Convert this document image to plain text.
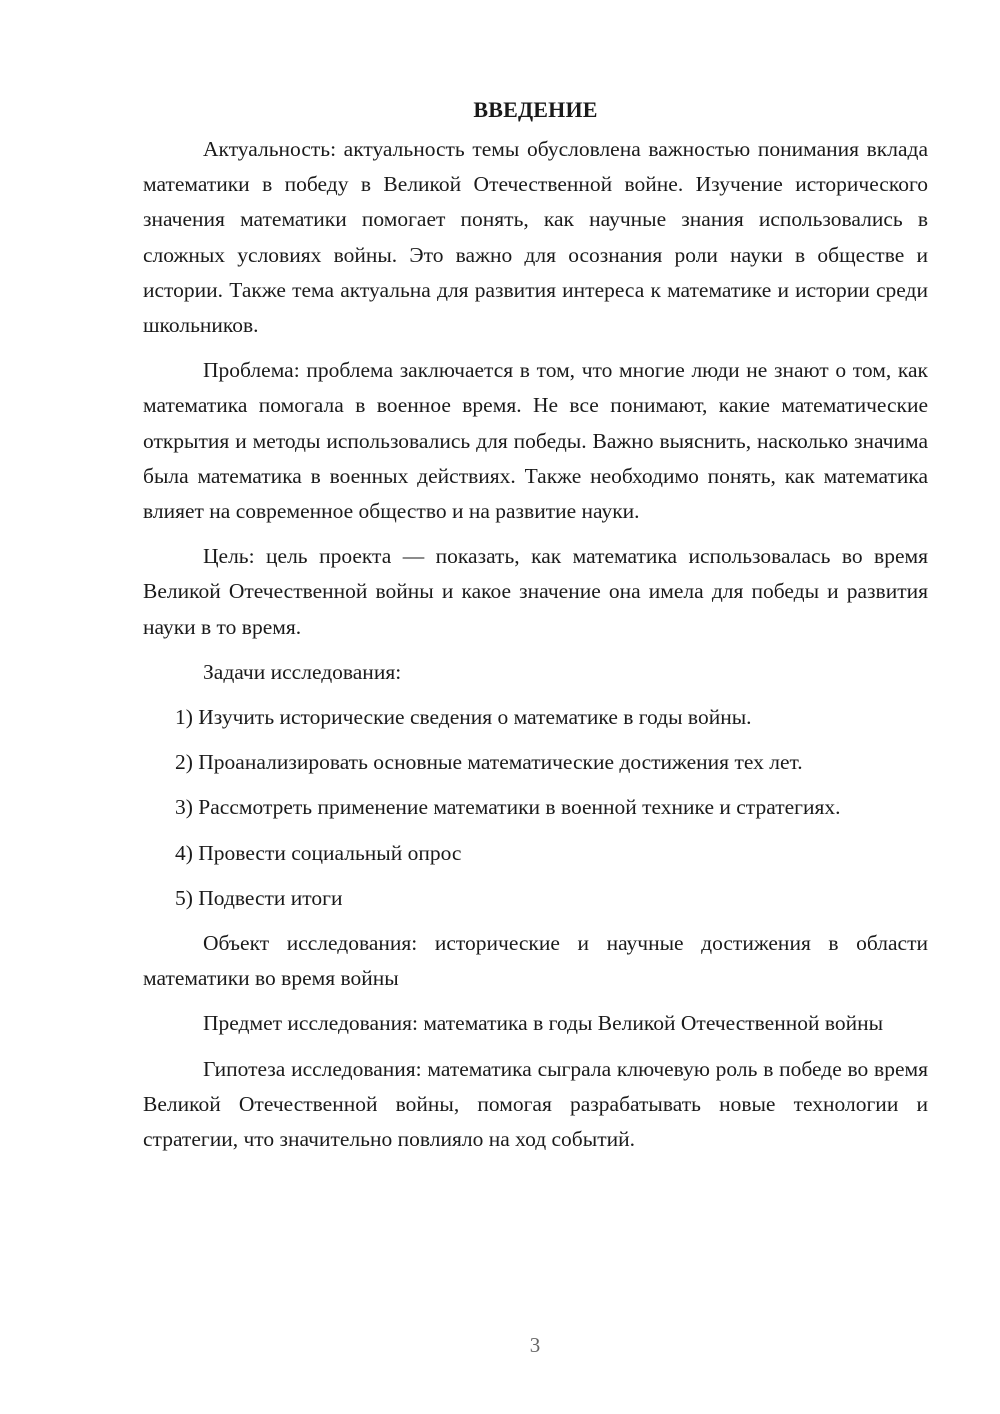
ВВЕДЕНИЕ

Актуальность: актуальность темы обусловлена важностью понимания вклада математики в победу в Великой Отечественной войне. Изучение исторического значения математики помогает понять, как научные знания использовались в сложных условиях войны. Это важно для осознания роли науки в обществе и истории. Также тема актуальна для развития интереса к математике и истории среди школьников.

Проблема: проблема заключается в том, что многие люди не знают о том, как математика помогала в военное время. Не все понимают, какие математические открытия и методы использовались для победы. Важно выяснить, насколько значима была математика в военных действиях. Также необходимо понять, как математика влияет на современное общество и на развитие науки.

Цель: цель проекта — показать, как математика использовалась во время Великой Отечественной войны и какое значение она имела для победы и развития науки в то время.

Задачи исследования:

1) Изучить исторические сведения о математике в годы войны.

2) Проанализировать основные математические достижения тех лет.

3) Рассмотреть применение математики в военной технике и стратегиях.

4) Провести социальный опрос

5) Подвести итоги

Объект исследования: исторические и научные достижения в области математики во время войны

Предмет исследования: математика в годы Великой Отечественной войны

Гипотеза исследования: математика сыграла ключевую роль в победе во время Великой Отечественной войны, помогая разрабатывать новые технологии и стратегии, что значительно повлияло на ход событий.

3
